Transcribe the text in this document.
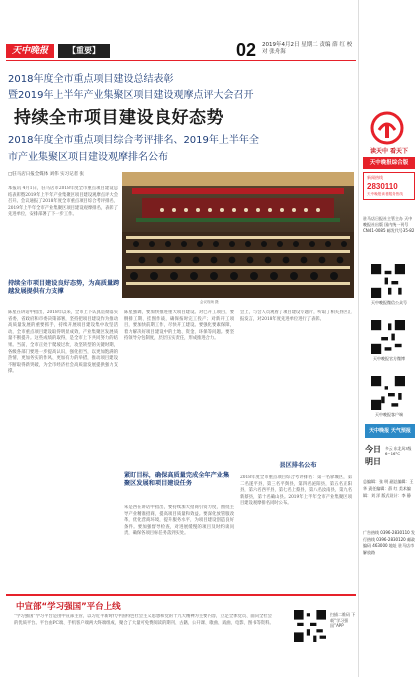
天中晚报	【重要】	02 2019年4月2日 星期二 责编 薛 红 校对 张舟海
2018年度全市重点项目建设总结表彰
暨2019年上半年产业集聚区项目建设观摩点评大会召开
持续全市项目建设良好态势
2018年度全市重点项目综合考评排名、2019年上半年全
市产业集聚区项目建设观摩排名公布
□驻马店日报全媒体 刘伟 实习记者 张
本报讯 4月1日，驻马店市2018年度全市重点项目建设总结表彰暨2019年上半年产业集聚区项目建设观摩点评大会召开。会议通报了2018年度全市重点项目综合考评排名、2019年上半年全市产业集聚区项目建设观摩排名，表彰了先进单位，安排部署了下一步工作。
持续全市项目建设良好态势，为高质量跨越发展提供有力支撑
陈星在讲话中指出，2018年以来，全市上下认真贯彻落实省委、省政府和市委决策部署，坚持把项目建设作为推动高质量发展的重要抓手，持续开展项目建设集中攻坚活动，全市重点项目建设取得明显成效，产业集聚区发展质量不断提升。这些成绩的取得，是全市上下共同努力的结果。当前，全市正处于爬坡过坎、攻坚转型的关键时期，各级各部门要进一步提高认识，强化担当，以更加饱满的热情、更加务实的作风、更加有力的举措，推动项目建设不断取得新突破，为全市经济社会高质量发展提供强力支撑。
会议现场 摄
陈星强调，要加快推进重大项目建设。对已开工项目，要倒排工期、挂图作战，确保按时完工投产；对新开工项目，要加快前期工作，尽快开工建设。要强化要素保障，着力解决好项目建设中的土地、资金、环保等问题。要坚持领导分包制度，层层压实责任，形成推进合力。
紧盯目标，确保高质量完成全年产业集聚区发展和项目建设任务
朱是西在讲话中指出，要持续加大招商引资力度，围绕主导产业精准招商，提高项目质量和效益。要深化放管服改革，优化营商环境，提升服务水平，为项目建设创造良好条件。要加强督导检查，对进展缓慢的项目及时约谈问责，确保各项目标任务落到实处。
会上，与会人员观看了项目建设专题片，听取了相关县区汇报发言，对2018年度先进单位进行了表彰。
县区排名公布
2018年度全市重点项目综合考评排名：第一名驿城区，第二名遂平县，第三名平舆县，第四名泌阳县，第五名正阳县，第六名西平县，第七名上蔡县，第八名汝南县，第九名新蔡县，第十名确山县。2019年上半年全市产业集聚区项目建设观摩排名同时公布。
中宣部“学习强国”平台上线
“学习强国”学习平台是由中宣部主管，以习近平新时代中国特色社会主义思想和党的十九大精神为主要内容，立足全体党员、面向全社会的优质平台。平台由PC端、手机客户端两大终端组成，聚合了大量可免费阅读的期刊、古籍、公开课、歌曲、戏曲、电影、图书等资料。
扫描二维码 下载“学习强国”APP
读天中 看天下
天中晚报综合版
新闻热线
2830110
天中晚报读者服务热线
驻马店日报社主管主办 天中晚报社出版 国内统一刊号 CN41-0085 邮发代号35-82
天中晚报微信公众号
天中晚报官方微博
天中晚报客户端
天中晚报 天气预报
今日
明日
多云 东北风3级 6~16°C
总编辑：张 明 副总编辑：王 华 责任编辑：薛 红 美术编辑：刘 洋 版式设计：李 静
广告热线 0396-2830110 发行热线 0396-2830120 邮政编码 463000 地址 驻马店市解放路
